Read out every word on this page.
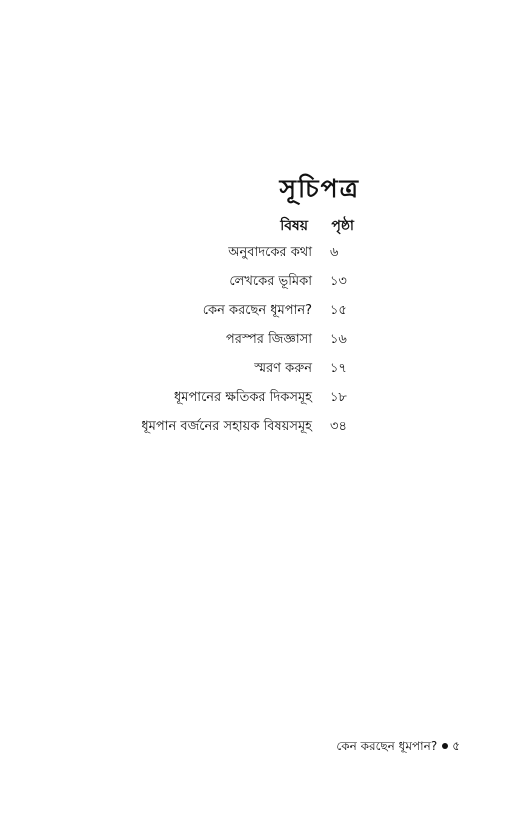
সূচিপত্র
বিষয় পৃষ্ঠা
অনুবাদকের কথা ৬
লেখকের ভূমিকা ১৩
কেন করছেন ধূমপান? ১৫
পরস্পর জিজ্ঞাসা ১৬
স্মরণ করুন ১৭
ধূমপানের ক্ষতিকর দিকসমূহ ১৮
ধূমপান বর্জনের সহায়ক বিষয়সমূহ ৩৪
কেন করছেন ধূমপান? ৫
